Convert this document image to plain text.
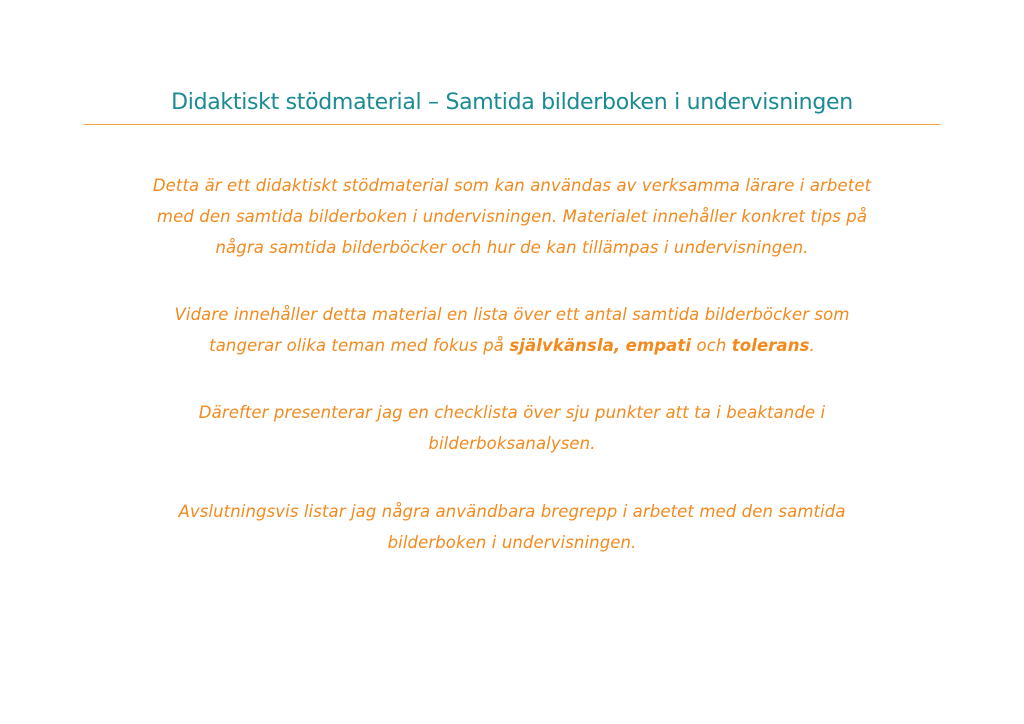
Didaktiskt stödmaterial – Samtida bilderboken i undervisningen
Detta är ett didaktiskt stödmaterial som kan användas av verksamma lärare i arbetet
med den samtida bilderboken i undervisningen. Materialet innehåller konkret tips på
några samtida bilderböcker och hur de kan tillämpas i undervisningen.
Vidare innehåller detta material en lista över ett antal samtida bilderböcker som
tangerar olika teman med fokus på självkänsla, empati och tolerans.
Därefter presenterar jag en checklista över sju punkter att ta i beaktande i
bilderboksanalysen.
Avslutningsvis listar jag några användbara bregrepp i arbetet med den samtida
bilderboken i undervisningen.
